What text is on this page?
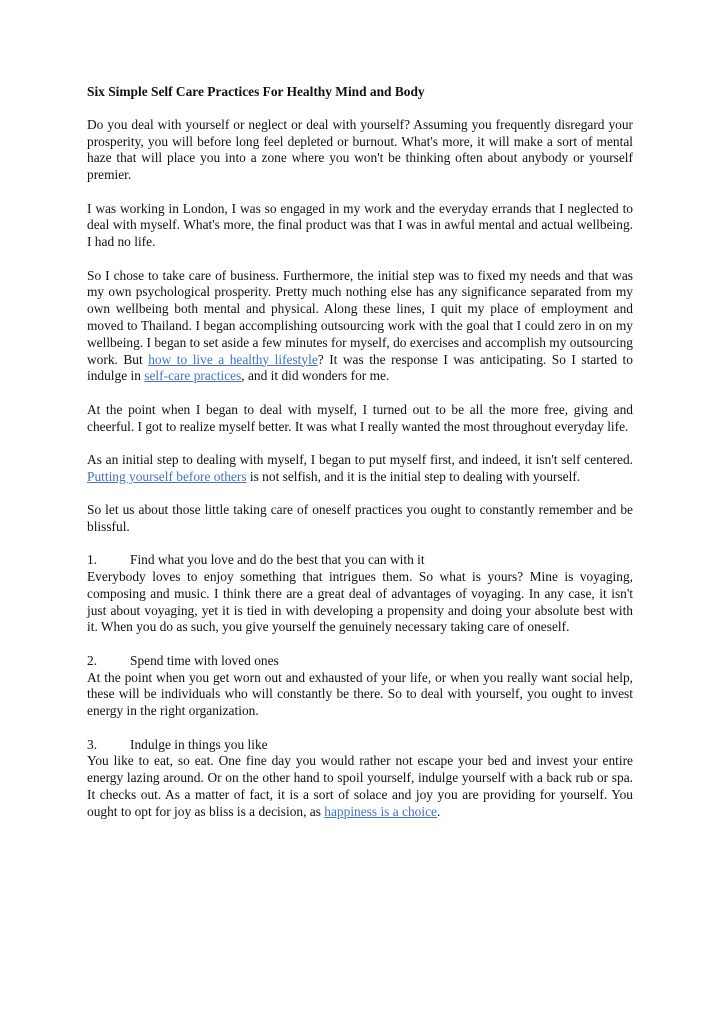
Six Simple Self Care Practices For Healthy Mind and Body

Do you deal with yourself or neglect or deal with yourself? Assuming you frequently disregard your prosperity, you will before long feel depleted or burnout. What's more, it will make a sort of mental haze that will place you into a zone where you won't be thinking often about anybody or yourself premier.

I was working in London, I was so engaged in my work and the everyday errands that I neglected to deal with myself. What's more, the final product was that I was in awful mental and actual wellbeing. I had no life.

So I chose to take care of business. Furthermore, the initial step was to fixed my needs and that was my own psychological prosperity. Pretty much nothing else has any significance separated from my own wellbeing both mental and physical. Along these lines, I quit my place of employment and moved to Thailand. I began accomplishing outsourcing work with the goal that I could zero in on my wellbeing. I began to set aside a few minutes for myself, do exercises and accomplish my outsourcing work. But how to live a healthy lifestyle? It was the response I was anticipating. So I started to indulge in self-care practices, and it did wonders for me.

At the point when I began to deal with myself, I turned out to be all the more free, giving and cheerful. I got to realize myself better. It was what I really wanted the most throughout everyday life.

As an initial step to dealing with myself, I began to put myself first, and indeed, it isn't self centered. Putting yourself before others is not selfish, and it is the initial step to dealing with yourself.

So let us about those little taking care of oneself practices you ought to constantly remember and be blissful.

1.	Find what you love and do the best that you can with it

Everybody loves to enjoy something that intrigues them. So what is yours? Mine is voyaging, composing and music. I think there are a great deal of advantages of voyaging. In any case, it isn't just about voyaging, yet it is tied in with developing a propensity and doing your absolute best with it. When you do as such, you give yourself the genuinely necessary taking care of oneself.

2.	Spend time with loved ones

At the point when you get worn out and exhausted of your life, or when you really want social help, these will be individuals who will constantly be there. So to deal with yourself, you ought to invest energy in the right organization.

3.	Indulge in things you like

You like to eat, so eat. One fine day you would rather not escape your bed and invest your entire energy lazing around. Or on the other hand to spoil yourself, indulge yourself with a back rub or spa. It checks out. As a matter of fact, it is a sort of solace and joy you are providing for yourself. You ought to opt for joy as bliss is a decision, as happiness is a choice.
